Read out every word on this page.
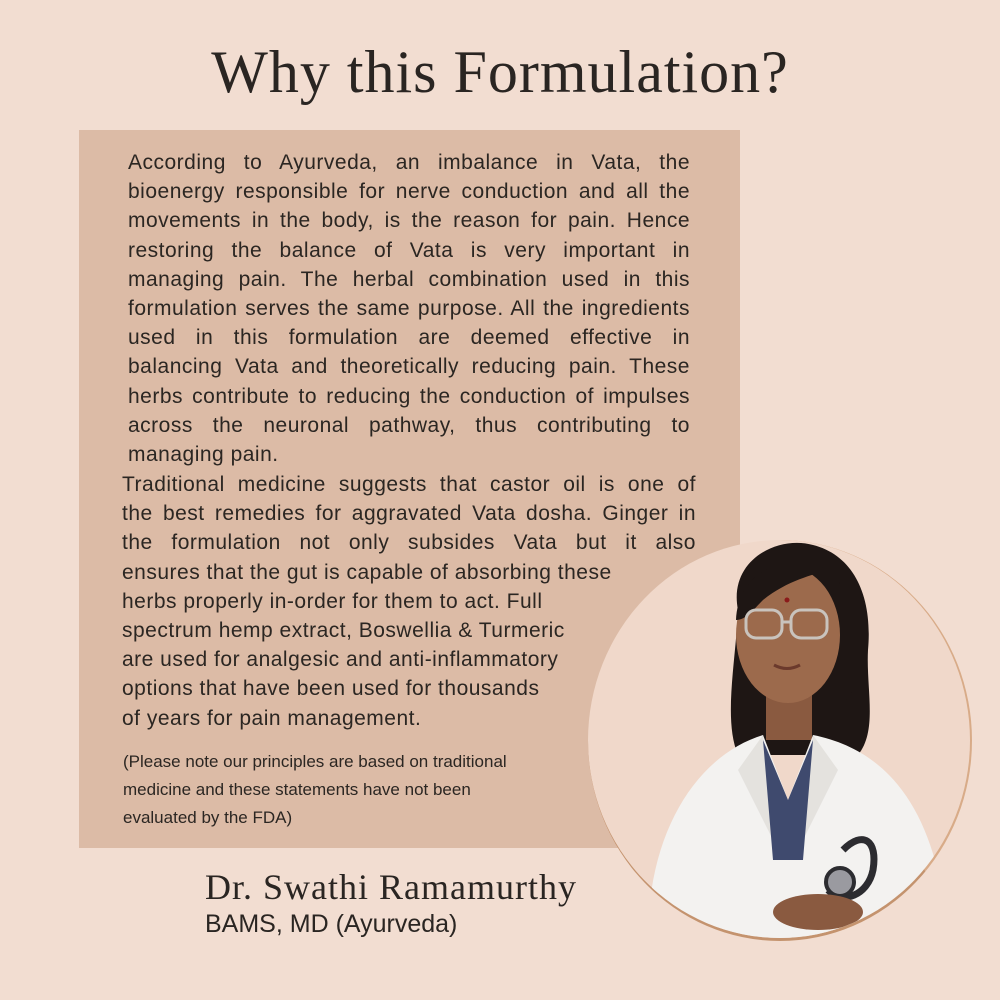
Why this Formulation?

According to Ayurveda, an imbalance in Vata, the bioenergy responsible for nerve conduction and all the movements in the body, is the reason for pain. Hence restoring the balance of Vata is very important in managing pain. The herbal combination used in this formulation serves the same purpose. All the ingredients used in this formulation are deemed effective in balancing Vata and theoretically reducing pain. These herbs contribute to reducing the conduction of impulses across the neuronal pathway, thus contributing to managing pain.

Traditional medicine suggests that castor oil is one of
the best remedies for aggravated Vata dosha. Ginger in
the formulation not only subsides Vata but it also
ensures that the gut is capable of absorbing these
herbs properly in-order for them to act. Full
spectrum hemp extract, Boswellia & Turmeric
are used for analgesic and anti-inflammatory
options that have been used for thousands
of years for pain management.

(Please note our principles are based on traditional
medicine and these statements have not been
evaluated by the FDA)

Dr. Swathi Ramamurthy

BAMS, MD (Ayurveda)
